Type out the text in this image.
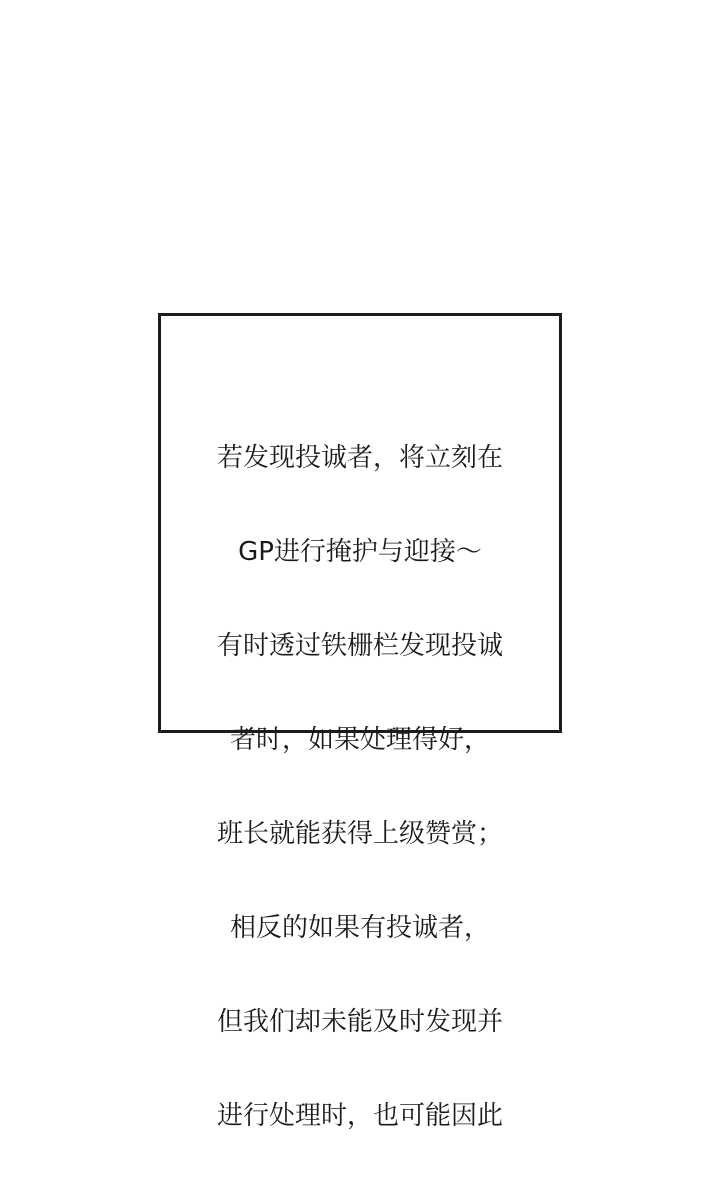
若发现投诚者，将立刻在

GP进行掩护与迎接～

有时透过铁栅栏发现投诚

者时，如果处理得好，

班长就能获得上级赞赏；

相反的如果有投诚者，

但我们却未能及时发现并

进行处理时，也可能因此
